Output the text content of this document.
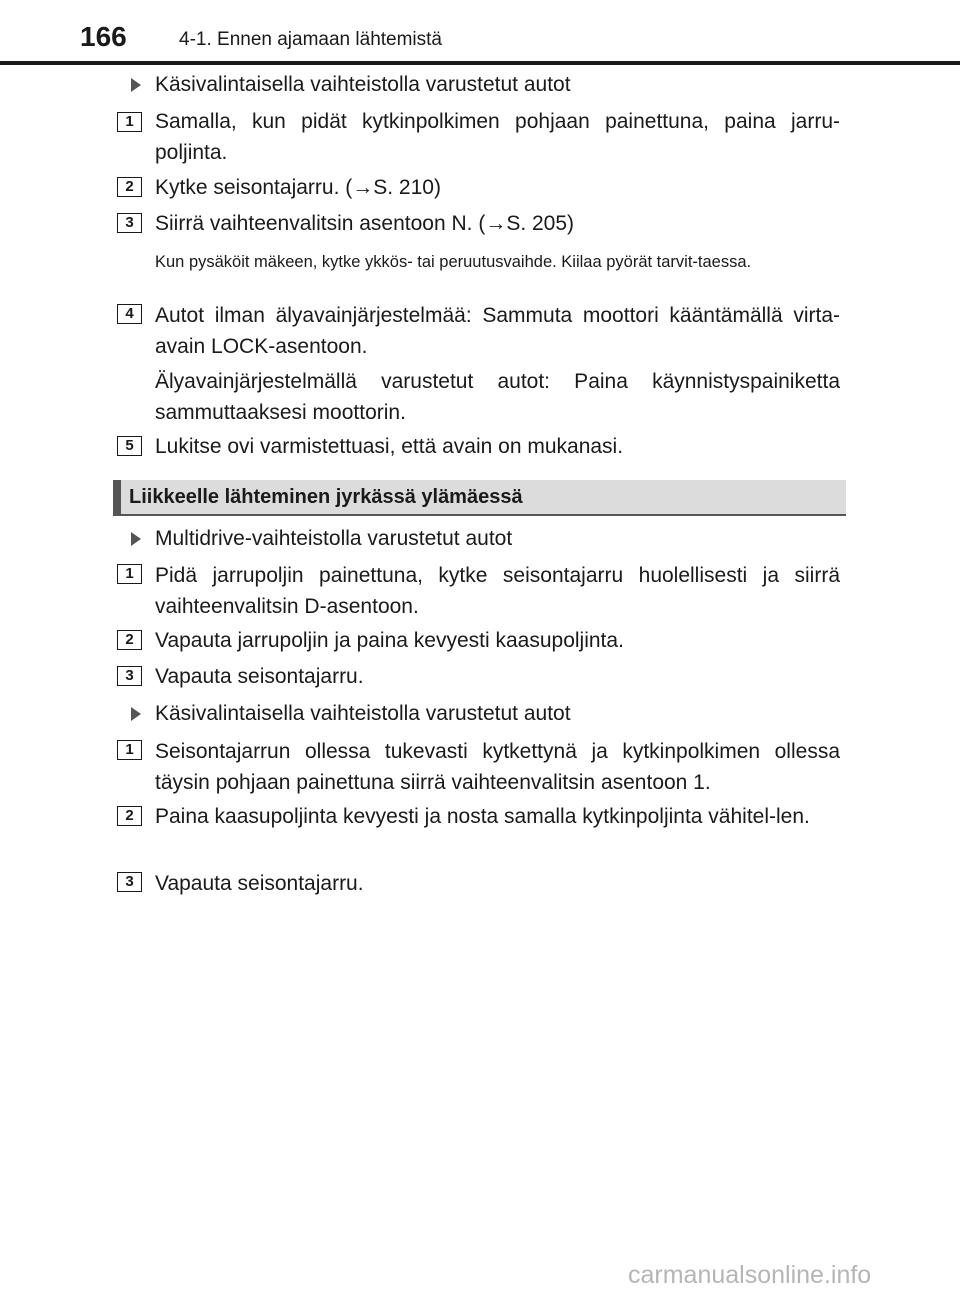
166	4-1. Ennen ajamaan lähtemistä
Käsivalintaisella vaihteistolla varustetut autot
1	Samalla, kun pidät kytkinpolkimen pohjaan painettuna, paina jarru-poljinta.
2	Kytke seisontajarru. (→S. 210)
3	Siirrä vaihteenvalitsin asentoon N. (→S. 205)
Kun pysäköit mäkeen, kytke ykkös- tai peruutusvaihde. Kiilaa pyörät tarvit-taessa.
4	Autot ilman älyavainjärjestelmää: Sammuta moottori kääntämällä virta-avain LOCK-asentoon.
Älyavainjärjestelmällä varustetut autot: Paina käynnistyspainiketta sammuttaaksesi moottorin.
5	Lukitse ovi varmistettuasi, että avain on mukanasi.
Liikkeelle lähteminen jyrkässä ylämäessä
Multidrive-vaihteistolla varustetut autot
1	Pidä jarrupoljin painettuna, kytke seisontajarru huolellisesti ja siirrä vaihteenvalitsin D-asentoon.
2	Vapauta jarrupoljin ja paina kevyesti kaasupoljinta.
3	Vapauta seisontajarru.
Käsivalintaisella vaihteistolla varustetut autot
1	Seisontajarrun ollessa tukevasti kytkettynä ja kytkinpolkimen ollessa täysin pohjaan painettuna siirrä vaihteenvalitsin asentoon 1.
2	Paina kaasupoljinta kevyesti ja nosta samalla kytkinpoljinta vähitel-len.
3	Vapauta seisontajarru.
carmanualsonline.info
